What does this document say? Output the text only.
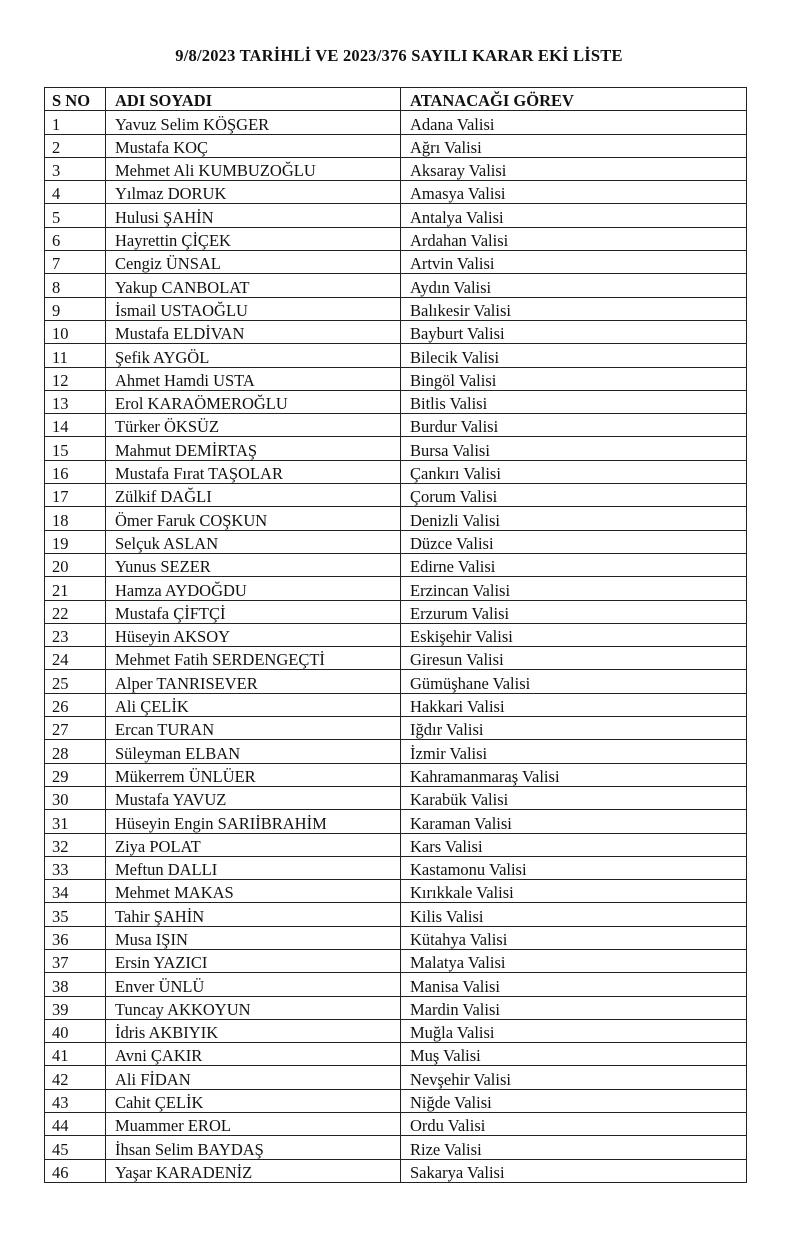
9/8/2023 TARİHLİ VE 2023/376 SAYILI KARAR EKİ LİSTE
S NO	ADI SOYADI	ATANACAĞI GÖREV
1	Yavuz Selim KÖŞGER	Adana Valisi
2	Mustafa KOÇ	Ağrı Valisi
3	Mehmet Ali KUMBUZOĞLU	Aksaray Valisi
4	Yılmaz DORUK	Amasya Valisi
5	Hulusi ŞAHİN	Antalya Valisi
6	Hayrettin ÇİÇEK	Ardahan Valisi
7	Cengiz ÜNSAL	Artvin Valisi
8	Yakup CANBOLAT	Aydın Valisi
9	İsmail USTAOĞLU	Balıkesir Valisi
10	Mustafa ELDİVAN	Bayburt Valisi
11	Şefik AYGÖL	Bilecik Valisi
12	Ahmet Hamdi USTA	Bingöl Valisi
13	Erol KARAÖMEROĞLU	Bitlis Valisi
14	Türker ÖKSÜZ	Burdur Valisi
15	Mahmut DEMİRTAŞ	Bursa Valisi
16	Mustafa Fırat TAŞOLAR	Çankırı Valisi
17	Zülkif DAĞLI	Çorum Valisi
18	Ömer Faruk COŞKUN	Denizli Valisi
19	Selçuk ASLAN	Düzce Valisi
20	Yunus SEZER	Edirne Valisi
21	Hamza AYDOĞDU	Erzincan Valisi
22	Mustafa ÇİFTÇİ	Erzurum Valisi
23	Hüseyin AKSOY	Eskişehir Valisi
24	Mehmet Fatih SERDENGEÇTİ	Giresun Valisi
25	Alper TANRISEVER	Gümüşhane Valisi
26	Ali ÇELİK	Hakkari Valisi
27	Ercan TURAN	Iğdır Valisi
28	Süleyman ELBAN	İzmir Valisi
29	Mükerrem ÜNLÜER	Kahramanmaraş Valisi
30	Mustafa YAVUZ	Karabük Valisi
31	Hüseyin Engin SARIİBRAHİM	Karaman Valisi
32	Ziya POLAT	Kars Valisi
33	Meftun DALLI	Kastamonu Valisi
34	Mehmet MAKAS	Kırıkkale Valisi
35	Tahir ŞAHİN	Kilis Valisi
36	Musa IŞIN	Kütahya Valisi
37	Ersin YAZICI	Malatya Valisi
38	Enver ÜNLÜ	Manisa Valisi
39	Tuncay AKKOYUN	Mardin Valisi
40	İdris AKBIYIK	Muğla Valisi
41	Avni ÇAKIR	Muş Valisi
42	Ali FİDAN	Nevşehir Valisi
43	Cahit ÇELİK	Niğde Valisi
44	Muammer EROL	Ordu Valisi
45	İhsan Selim BAYDAŞ	Rize Valisi
46	Yaşar KARADENİZ	Sakarya Valisi
